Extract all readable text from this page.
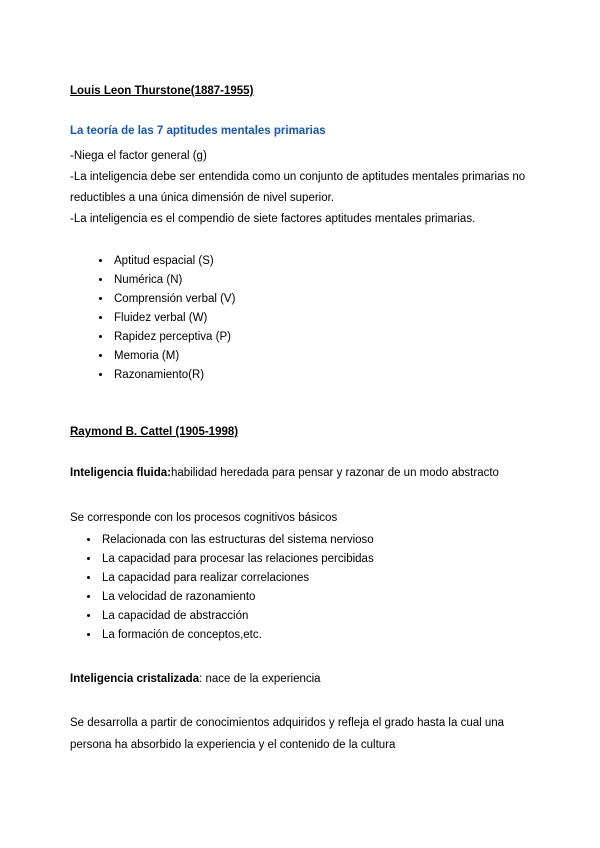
Louis Leon Thurstone(1887-1955)
La teoría de las 7 aptitudes mentales primarias

-Niega el factor general (g)

-La inteligencia debe ser entendida como un conjunto de aptitudes mentales primarias no reductibles a una única dimensión de nivel superior.

-La inteligencia es el compendio de siete factores aptitudes mentales primarias.

• Aptitud espacial (S)
• Numérica (N)
• Comprensión verbal (V)
• Fluidez verbal (W)
• Rapidez perceptiva (P)
• Memoria (M)
• Razonamiento(R)
Raymond B. Cattel (1905-1998)

Inteligencia fluida:habilidad heredada para pensar y razonar de un modo abstracto

Se corresponde con los procesos cognitivos básicos

• Relacionada con las estructuras del sistema nervioso
• La capacidad para procesar las relaciones percibidas
• La capacidad para realizar correlaciones
• La velocidad de razonamiento
• La capacidad de abstracción
• La formación de conceptos,etc.

Inteligencia cristalizada: nace de la experiencia

Se desarrolla a partir de conocimientos adquiridos y refleja el grado hasta la cual una persona ha absorbido la experiencia y el contenido de la cultura
